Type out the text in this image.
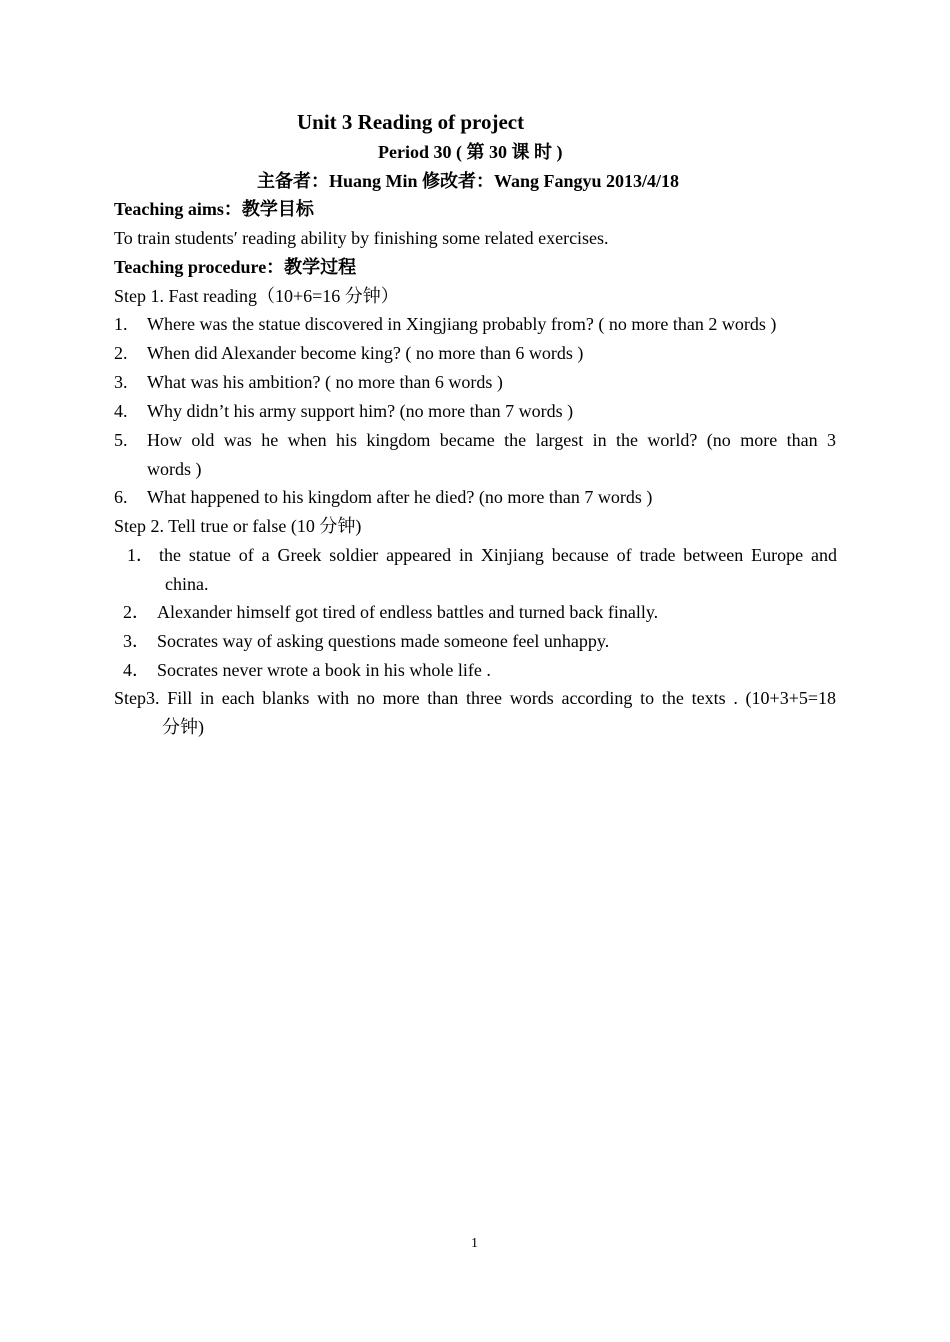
Unit 3 Reading of project
Period 30 ( 第 30 课 时 )
主备者：Huang Min 修改者：Wang Fangyu 2013/4/18
Teaching aims：教学目标
To train students′ reading ability by finishing some related exercises.
Teaching procedure：教学过程
Step 1. Fast reading（10+6=16 分钟）
1. Where was the statue discovered in Xingjiang probably from? ( no more than 2 words )
2. When did Alexander become king? ( no more than 6 words )
3. What was his ambition? ( no more than 6 words )
4. Why didn’t his army support him? (no more than 7 words )
5.	How old was he when his kingdom became the largest in the world? (no more than 3
words )
6. What happened to his kingdom after he died? (no more than 7 words )
Step 2. Tell true or false (10 分钟)
1． the statue of a Greek soldier appeared in Xinjiang because of trade between Europe and
china.
2． Alexander himself got tired of endless battles and turned back finally.
3． Socrates way of asking questions made someone feel unhappy.
4． Socrates never wrote a book in his whole life .
Step3. Fill in each blanks with no more than three words according to the texts . (10+3+5=18
分钟)
1
